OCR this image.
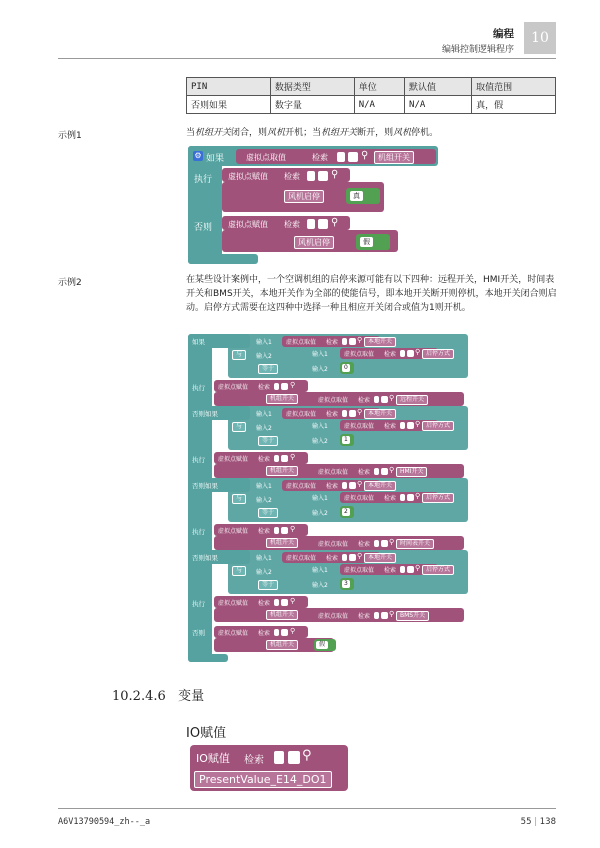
编程
编辑控制逻辑程序
10
PIN	数据类型	单位	默认值	取值范围
否则如果	数字量	N/A	N/A	真，假
示例1	当机组开关闭合，则风机开机；当机组开关断开，则风机停机。
⚙ 如果	虚拟点取值	检索	⚲	机组开关
执行 虚拟点赋值 检索	⚲
风机启停	真
否则 虚拟点赋值 检索	⚲
风机启停	假
示例2	在某些设计案例中，一个空调机组的启停来源可能有以下四种：远程开关，HMI开关，时间表开关和BMS开关，本地开关作为全部的使能信号，即本地开关断开则停机，本地开关闭合则启动。启停方式需要在这四种中选择一种且相应开关闭合或值为1则开机。
如果	输入1 虚拟点取值 检索	⚲ 本地开关
与	输入2	输入1	虚拟点取值 检索	⚲ 启停方式
等于	输入2	0
执行 虚拟点赋值 检索	⚲
机组开关	虚拟点取值 检索	⚲ 远程开关
否则如果	输入1 虚拟点取值 检索	⚲ 本地开关
与	输入2	输入1	虚拟点取值 检索	⚲ 启停方式
等于	输入2	1
执行 虚拟点赋值 检索	⚲
机组开关	虚拟点取值 检索	⚲ HMI开关
否则如果	输入1 虚拟点取值 检索	⚲ 本地开关
与	输入2	输入1	虚拟点取值 检索	⚲ 启停方式
等于	输入2	2
执行 虚拟点赋值 检索	⚲
机组开关	虚拟点取值 检索	⚲ 时间表开关
否则如果	输入1 虚拟点取值 检索	⚲ 本地开关
与	输入2	输入1	虚拟点取值 检索	⚲ 启停方式
等于	输入2	3
执行 虚拟点赋值 检索	⚲
机组开关	虚拟点取值 检索	⚲ BMS开关
否则 虚拟点赋值 检索	⚲
机组开关	假
10.2.4.6 变量
IO赋值
IO赋值 检索	⚲
PresentValue_E14_DO1
A6V13790594_zh--_a	55 | 138
